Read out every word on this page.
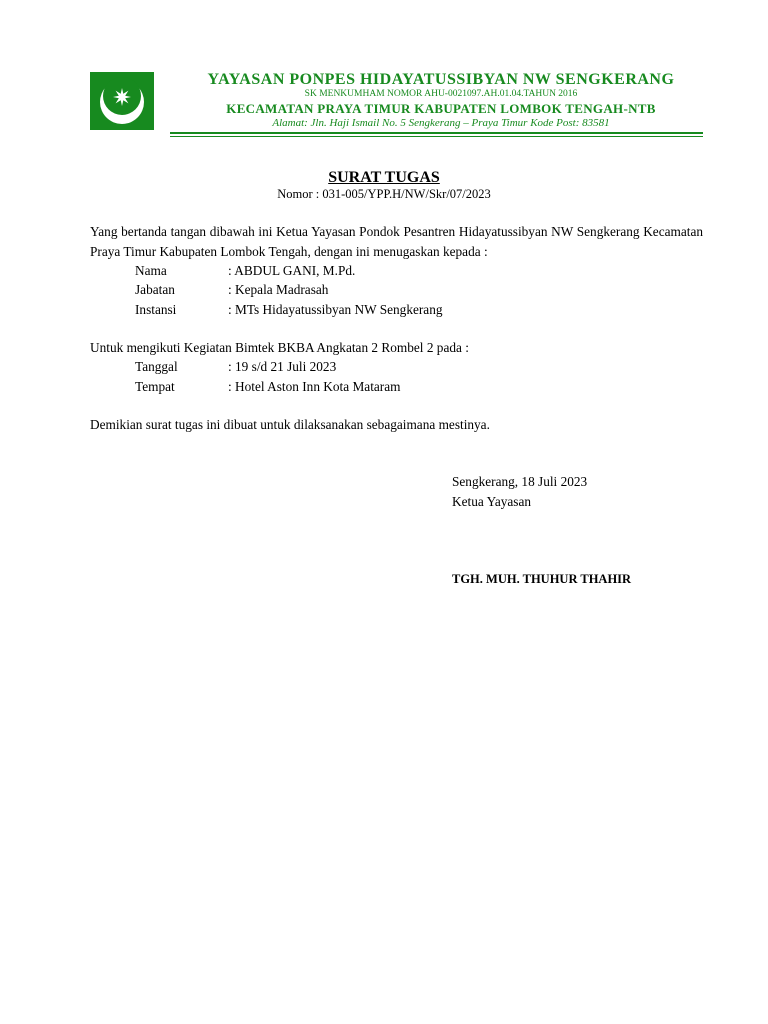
YAYASAN PONPES HIDAYATUSSIBYAN NW SENGKERANG
SK MENKUMHAM NOMOR AHU-0021097.AH.01.04.TAHUN 2016
KECAMATAN PRAYA TIMUR KABUPATEN LOMBOK TENGAH-NTB
Alamat: Jln. Haji Ismail No. 5 Sengkerang – Praya Timur Kode Post: 83581
SURAT TUGAS
Nomor : 031-005/YPP.H/NW/Skr/07/2023
Yang bertanda tangan dibawah ini Ketua Yayasan Pondok Pesantren Hidayatussibyan NW Sengkerang Kecamatan Praya Timur Kabupaten Lombok Tengah, dengan ini menugaskan kepada :
Nama	: ABDUL GANI, M.Pd.
Jabatan	: Kepala Madrasah
Instansi	: MTs Hidayatussibyan NW Sengkerang
Untuk mengikuti Kegiatan Bimtek BKBA Angkatan 2 Rombel 2 pada :
Tanggal	: 19 s/d 21 Juli 2023
Tempat	: Hotel Aston Inn Kota Mataram
Demikian surat tugas ini dibuat untuk dilaksanakan sebagaimana mestinya.
Sengkerang, 18 Juli 2023
Ketua Yayasan
TGH. MUH. THUHUR THAHIR
